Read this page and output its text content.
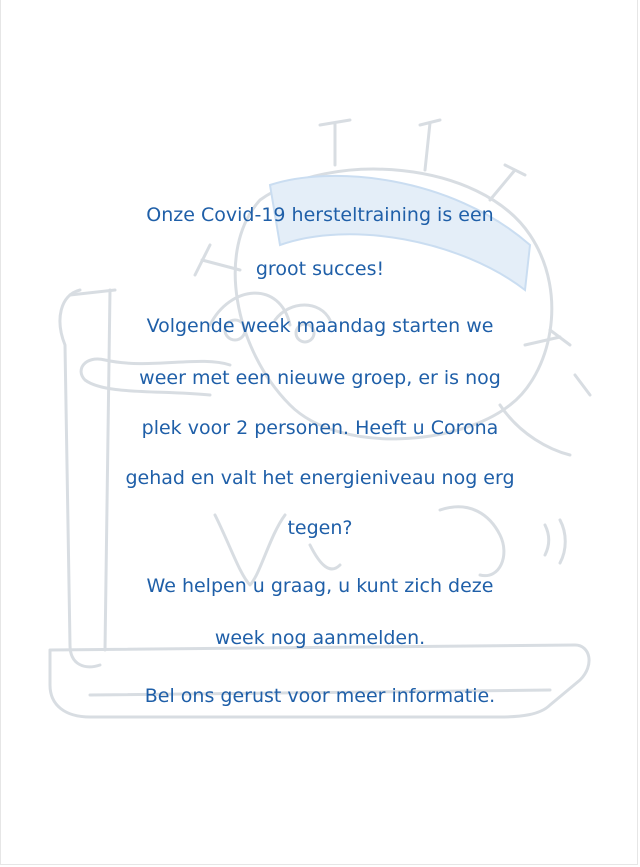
Onze Covid-19 hersteltraining is een
groot succes!
Volgende week maandag starten we
weer met een nieuwe groep, er is nog
plek voor 2 personen. Heeft u Corona
gehad en valt het energieniveau nog erg
tegen?
We helpen u graag, u kunt zich deze
week nog aanmelden.
Bel ons gerust voor meer informatie.
